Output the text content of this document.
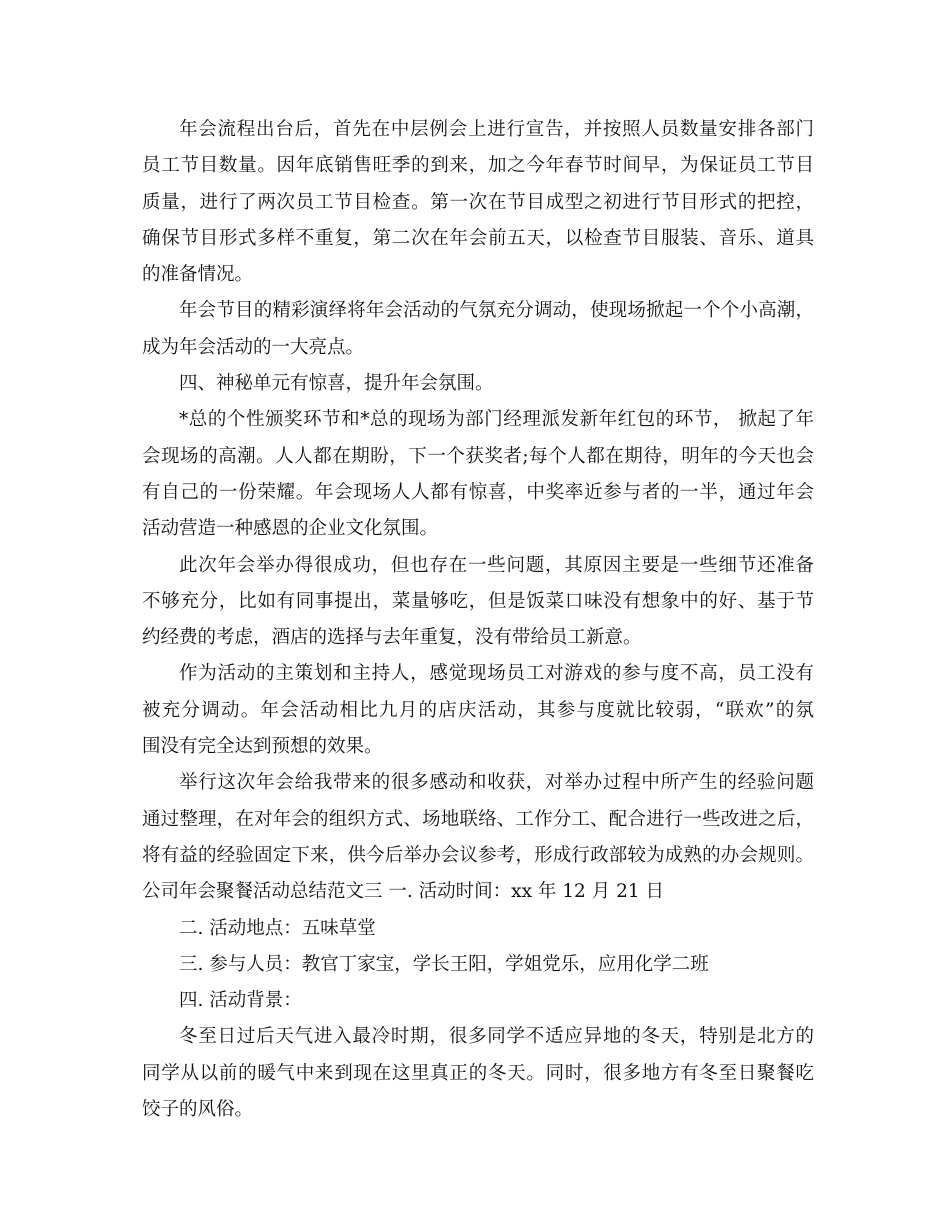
年会流程出台后，首先在中层例会上进行宣告，并按照人员数量安排各部门
员工节目数量。因年底销售旺季的到来，加之今年春节时间早，为保证员工节目
质量，进行了两次员工节目检查。第一次在节目成型之初进行节目形式的把控，
确保节目形式多样不重复，第二次在年会前五天，以检查节目服装、音乐、道具
的准备情况。
年会节目的精彩演绎将年会活动的气氛充分调动，使现场掀起一个个小高潮，
成为年会活动的一大亮点。
四、神秘单元有惊喜，提升年会氛围。
*总的个性颁奖环节和*总的现场为部门经理派发新年红包的环节， 掀起了年
会现场的高潮。人人都在期盼，下一个获奖者;每个人都在期待，明年的今天也会
有自己的一份荣耀。年会现场人人都有惊喜，中奖率近参与者的一半，通过年会
活动营造一种感恩的企业文化氛围。
此次年会举办得很成功，但也存在一些问题，其原因主要是一些细节还准备
不够充分，比如有同事提出，菜量够吃，但是饭菜口味没有想象中的好、基于节
约经费的考虑，酒店的选择与去年重复，没有带给员工新意。
作为活动的主策划和主持人，感觉现场员工对游戏的参与度不高，员工没有
被充分调动。年会活动相比九月的店庆活动，其参与度就比较弱，“联欢”的氛
围没有完全达到预想的效果。
举行这次年会给我带来的很多感动和收获，对举办过程中所产生的经验问题
通过整理，在对年会的组织方式、场地联络、工作分工、配合进行一些改进之后，
将有益的经验固定下来，供今后举办会议参考，形成行政部较为成熟的办会规则。
公司年会聚餐活动总结范文三 一. 活动时间：xx 年 12 月 21 日
二. 活动地点：五味草堂
三. 参与人员：教官丁家宝，学长王阳，学姐党乐，应用化学二班
四. 活动背景：
冬至日过后天气进入最冷时期，很多同学不适应异地的冬天，特别是北方的
同学从以前的暖气中来到现在这里真正的冬天。同时，很多地方有冬至日聚餐吃
饺子的风俗。
